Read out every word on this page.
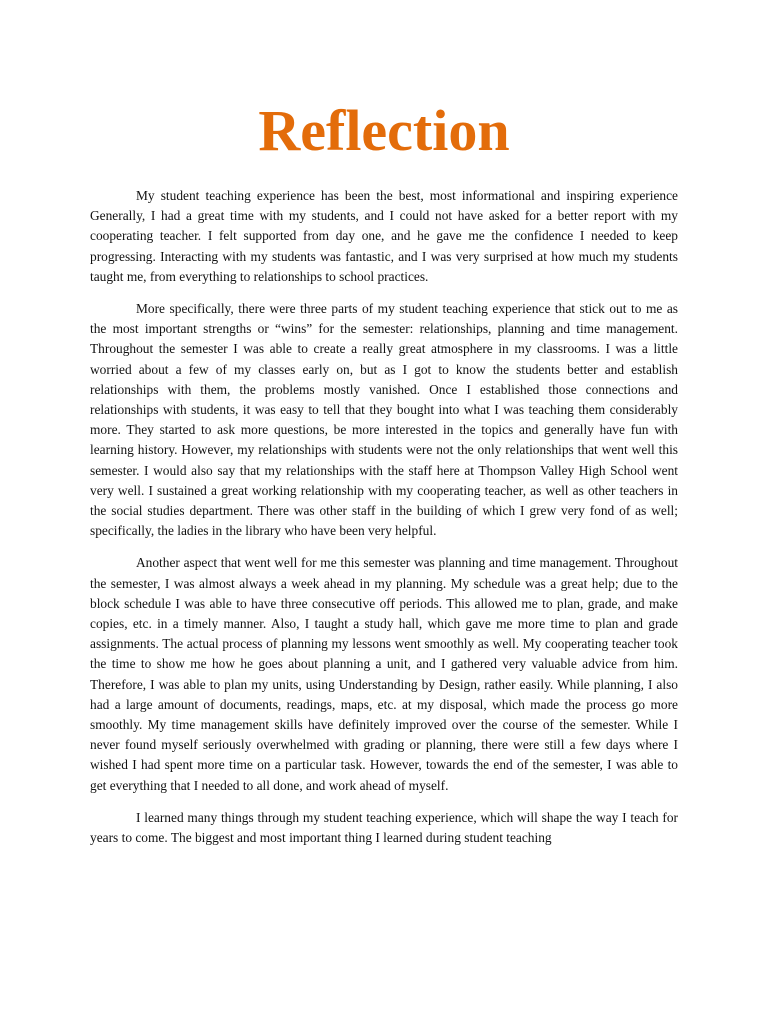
Reflection

My student teaching experience has been the best, most informational and inspiring experience Generally, I had a great time with my students, and I could not have asked for a better report with my cooperating teacher. I felt supported from day one, and he gave me the confidence I needed to keep progressing. Interacting with my students was fantastic, and I was very surprised at how much my students taught me, from everything to relationships to school practices.

More specifically, there were three parts of my student teaching experience that stick out to me as the most important strengths or “wins” for the semester: relationships, planning and time management. Throughout the semester I was able to create a really great atmosphere in my classrooms. I was a little worried about a few of my classes early on, but as I got to know the students better and establish relationships with them, the problems mostly vanished. Once I established those connections and relationships with students, it was easy to tell that they bought into what I was teaching them considerably more. They started to ask more questions, be more interested in the topics and generally have fun with learning history. However, my relationships with students were not the only relationships that went well this semester. I would also say that my relationships with the staff here at Thompson Valley High School went very well. I sustained a great working relationship with my cooperating teacher, as well as other teachers in the social studies department. There was other staff in the building of which I grew very fond of as well; specifically, the ladies in the library who have been very helpful.

Another aspect that went well for me this semester was planning and time management. Throughout the semester, I was almost always a week ahead in my planning. My schedule was a great help; due to the block schedule I was able to have three consecutive off periods. This allowed me to plan, grade, and make copies, etc. in a timely manner. Also, I taught a study hall, which gave me more time to plan and grade assignments. The actual process of planning my lessons went smoothly as well. My cooperating teacher took the time to show me how he goes about planning a unit, and I gathered very valuable advice from him. Therefore, I was able to plan my units, using Understanding by Design, rather easily. While planning, I also had a large amount of documents, readings, maps, etc. at my disposal, which made the process go more smoothly. My time management skills have definitely improved over the course of the semester. While I never found myself seriously overwhelmed with grading or planning, there were still a few days where I wished I had spent more time on a particular task. However, towards the end of the semester, I was able to get everything that I needed to all done, and work ahead of myself.

I learned many things through my student teaching experience, which will shape the way I teach for years to come. The biggest and most important thing I learned during student teaching
